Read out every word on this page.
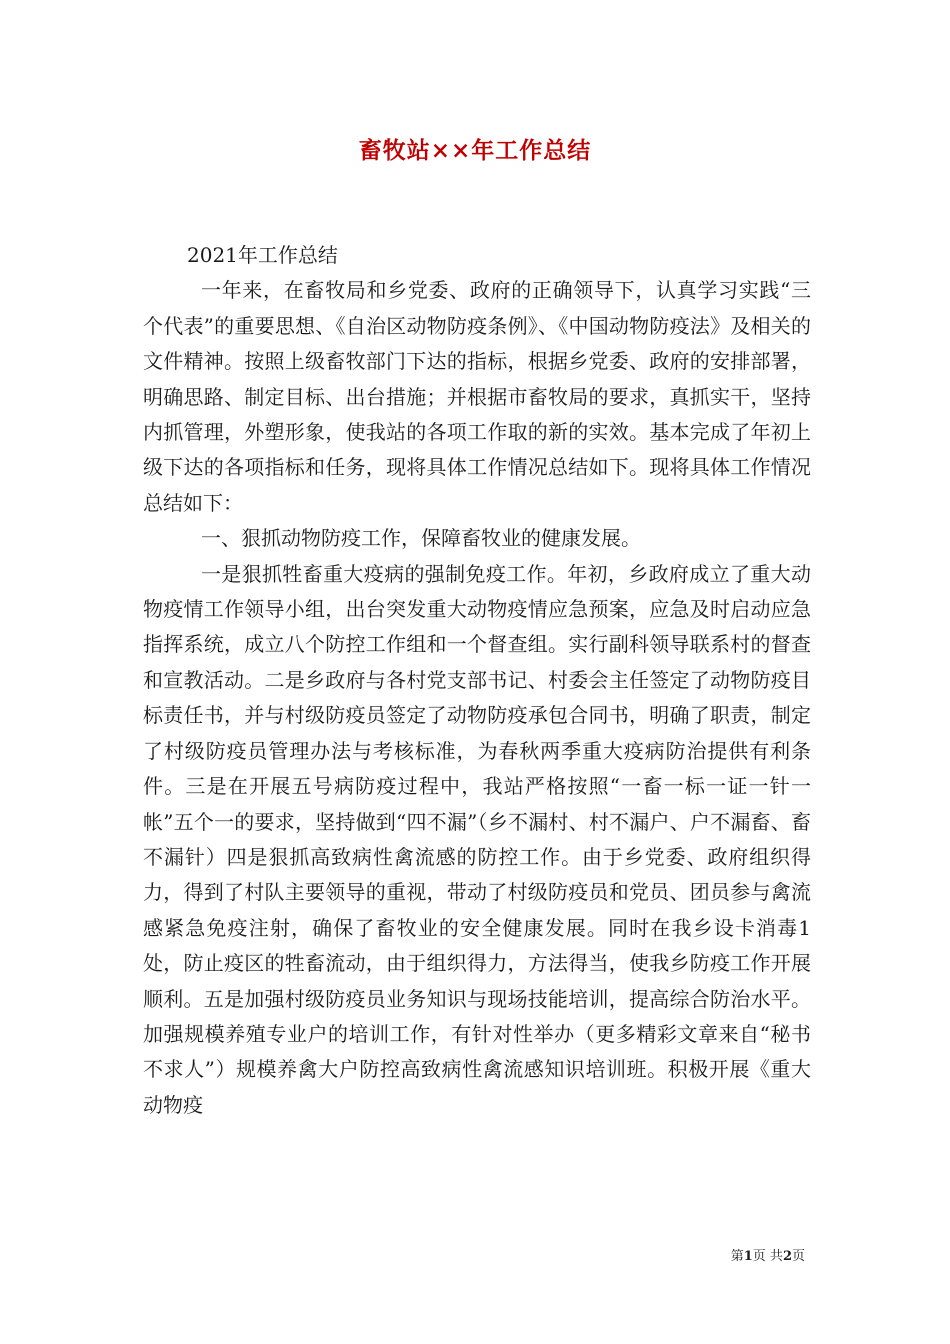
畜牧站××年工作总结

2021年工作总结

一年来，在畜牧局和乡党委、政府的正确领导下，认真学习实践“三个代表”的重要思想、《自治区动物防疫条例》、《中国动物防疫法》及相关的文件精神。按照上级畜牧部门下达的指标，根据乡党委、政府的安排部署，明确思路、制定目标、出台措施；并根据市畜牧局的要求，真抓实干，坚持内抓管理，外塑形象，使我站的各项工作取的新的实效。基本完成了年初上级下达的各项指标和任务，现将具体工作情况总结如下。现将具体工作情况总结如下：

一、狠抓动物防疫工作，保障畜牧业的健康发展。

一是狠抓牲畜重大疫病的强制免疫工作。年初，乡政府成立了重大动物疫情工作领导小组，出台突发重大动物疫情应急预案，应急及时启动应急指挥系统，成立八个防控工作组和一个督查组。实行副科领导联系村的督查和宣教活动。二是乡政府与各村党支部书记、村委会主任签定了动物防疫目标责任书，并与村级防疫员签定了动物防疫承包合同书，明确了职责，制定了村级防疫员管理办法与考核标准，为春秋两季重大疫病防治提供有利条件。三是在开展五号病防疫过程中，我站严格按照“一畜一标一证一针一帐”五个一的要求，坚持做到“四不漏”（乡不漏村、村不漏户、户不漏畜、畜不漏针）四是狠抓高致病性禽流感的防控工作。由于乡党委、政府组织得力，得到了村队主要领导的重视，带动了村级防疫员和党员、团员参与禽流感紧急免疫注射，确保了畜牧业的安全健康发展。同时在我乡设卡消毒1处，防止疫区的牲畜流动，由于组织得力，方法得当，使我乡防疫工作开展顺利。五是加强村级防疫员业务知识与现场技能培训，提高综合防治水平。加强规模养殖专业户的培训工作，有针对性举办（更多精彩文章来自“秘书不求人”）规模养禽大户防控高致病性禽流感知识培训班。积极开展《重大动物疫

第1页 共2页
